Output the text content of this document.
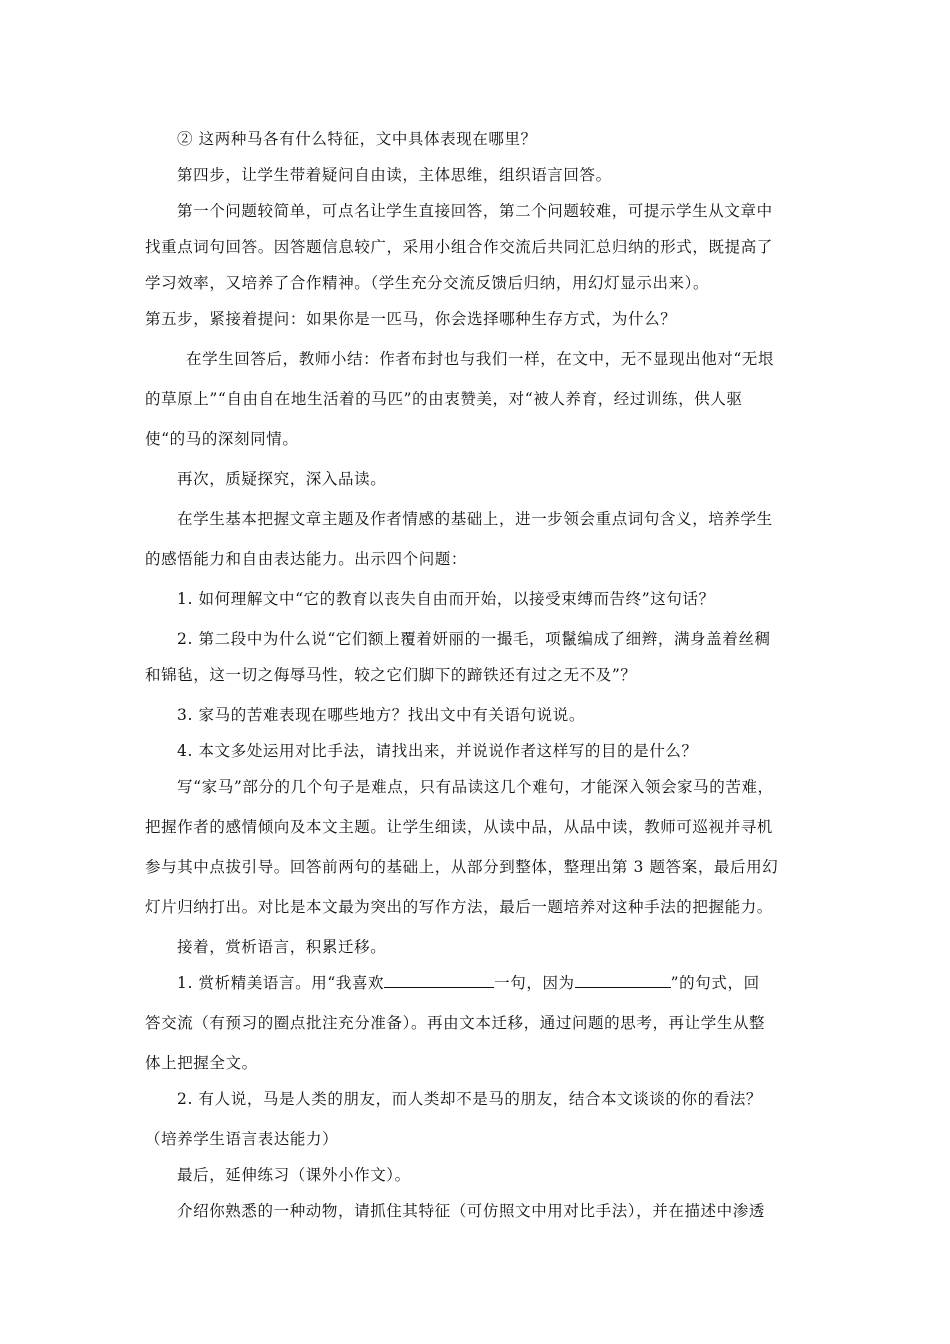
② 这两种马各有什么特征，文中具体表现在哪里？
第四步，让学生带着疑问自由读，主体思维，组织语言回答。
第一个问题较简单，可点名让学生直接回答，第二个问题较难，可提示学生从文章中
找重点词句回答。因答题信息较广，采用小组合作交流后共同汇总归纳的形式，既提高了
学习效率，又培养了合作精神。（学生充分交流反馈后归纳，用幻灯显示出来）。
第五步，紧接着提问：如果你是一匹马，你会选择哪种生存方式，为什么？
在学生回答后，教师小结：作者布封也与我们一样，在文中，无不显现出他对“无垠
的草原上”“自由自在地生活着的马匹”的由衷赞美，对“被人养育，经过训练，供人驱
使“的马的深刻同情。
再次，质疑探究，深入品读。
在学生基本把握文章主题及作者情感的基础上，进一步领会重点词句含义，培养学生
的感悟能力和自由表达能力。出示四个问题：
1. 如何理解文中“它的教育以丧失自由而开始，以接受束缚而告终”这句话？
2. 第二段中为什么说“它们额上覆着妍丽的一撮毛，项鬣编成了细辫，满身盖着丝稠
和锦毡，这一切之侮辱马性，较之它们脚下的蹄铁还有过之无不及”？
3. 家马的苦难表现在哪些地方？找出文中有关语句说说。
4. 本文多处运用对比手法，请找出来，并说说作者这样写的目的是什么？
写“家马”部分的几个句子是难点，只有品读这几个难句，才能深入领会家马的苦难，
把握作者的感情倾向及本文主题。让学生细读，从读中品，从品中读，教师可巡视并寻机
参与其中点拔引导。回答前两句的基础上，从部分到整体，整理出第 3 题答案，最后用幻
灯片归纳打出。对比是本文最为突出的写作方法，最后一题培养对这种手法的把握能力。
接着，赏析语言，积累迁移。
1. 赏析精美语言。用“我喜欢	一句，因为	”的句式，回
答交流（有预习的圈点批注充分准备）。再由文本迁移，通过问题的思考，再让学生从整
体上把握全文。
2. 有人说，马是人类的朋友，而人类却不是马的朋友，结合本文谈谈的你的看法？
（培养学生语言表达能力）
最后，延伸练习（课外小作文）。
介绍你熟悉的一种动物，请抓住其特征（可仿照文中用对比手法），并在描述中渗透
